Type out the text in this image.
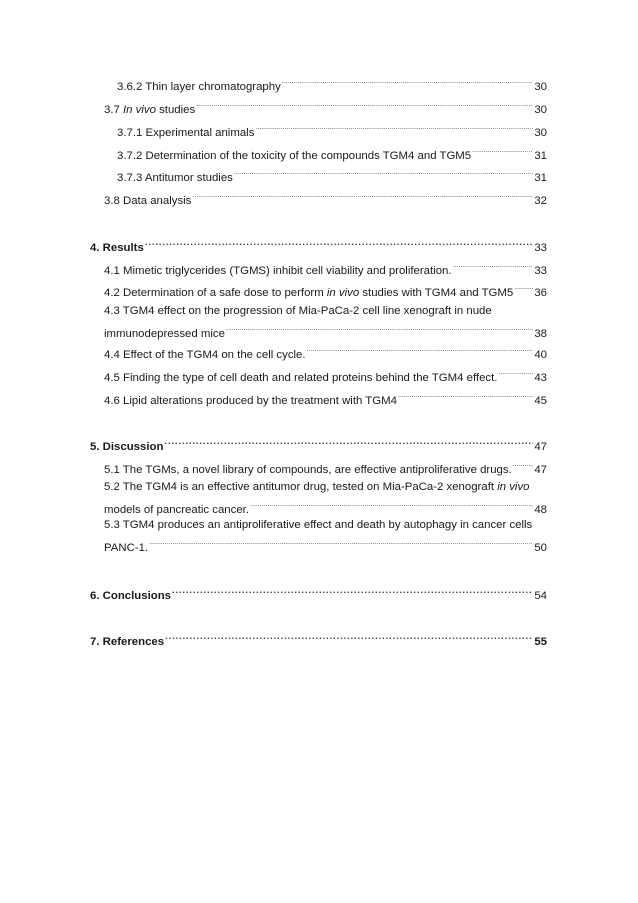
3.6.2 Thin layer chromatography .....	30
3.7 In vivo studies .....	30
3.7.1 Experimental animals .....	30
3.7.2 Determination of the toxicity of the compounds TGM4 and TGM5 .....	31
3.7.3 Antitumor studies .....	31
3.8 Data analysis .....	32
4. Results .....	33
4.1 Mimetic triglycerides (TGMS) inhibit cell viability and proliferation. .....	33
4.2 Determination of a safe dose to perform in vivo studies with TGM4 and TGM5 ..... 36
4.3 TGM4 effect on the progression of Mia-PaCa-2 cell line xenograft in nude
immunodepressed mice .....	38
4.4 Effect of the TGM4 on the cell cycle. .....	40
4.5 Finding the type of cell death and related proteins behind the TGM4 effect. .....	43
4.6 Lipid alterations produced by the treatment with TGM4 .....	45
5. Discussion .....	47
5.1 The TGMs, a novel library of compounds, are effective antiproliferative drugs. ..... 47
5.2 The TGM4 is an effective antitumor drug, tested on Mia-PaCa-2 xenograft in vivo
models of pancreatic cancer. .....	48
5.3 TGM4 produces an antiproliferative effect and death by autophagy in cancer cells
PANC-1. .....	50
6. Conclusions .....	54
7. References .....	55
